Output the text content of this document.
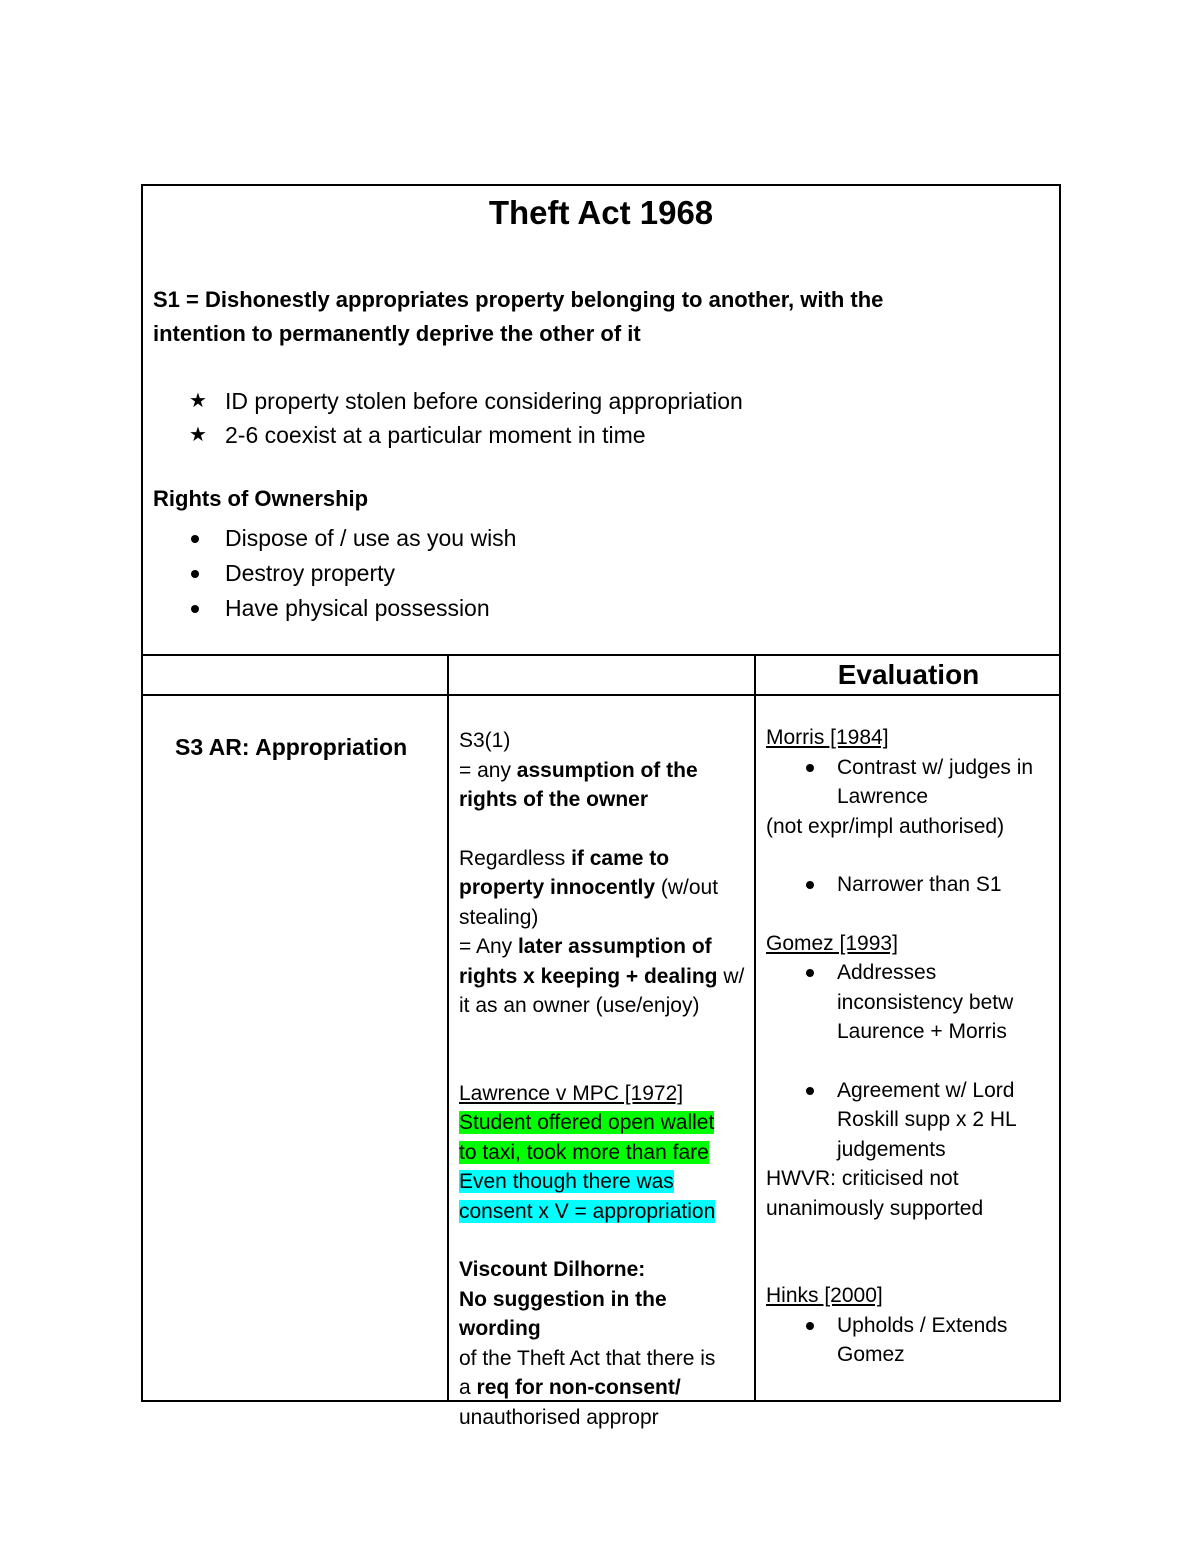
Theft Act 1968
S1 = Dishonestly appropriates property belonging to another, with the
intention to permanently deprive the other of it
★ ID property stolen before considering appropriation
★ 2-6 coexist at a particular moment in time
Rights of Ownership
Dispose of / use as you wish
Destroy property
Have physical possession
Evaluation
S3 AR: Appropriation S3(1)
= any assumption of the
rights of the owner
Regardless if came to
property innocently (w/out
stealing)
= Any later assumption of
rights x keeping + dealing w/
it as an owner (use/enjoy)
Lawrence v MPC [1972]
Student offered open wallet
to taxi, took more than fare
Even though there was
consent x V = appropriation
Viscount Dilhorne:
No suggestion in the wording
of the Theft Act that there is
a req for non-consent/
unauthorised appropr
Morris [1984]
Contrast w/ judges in
Lawrence
(not expr/impl authorised)
Narrower than S1
Gomez [1993]
Addresses
inconsistency betw
Laurence + Morris
Agreement w/ Lord
Roskill supp x 2 HL
judgements
HWVR: criticised not
unanimously supported
Hinks [2000]
Upholds / Extends
Gomez
